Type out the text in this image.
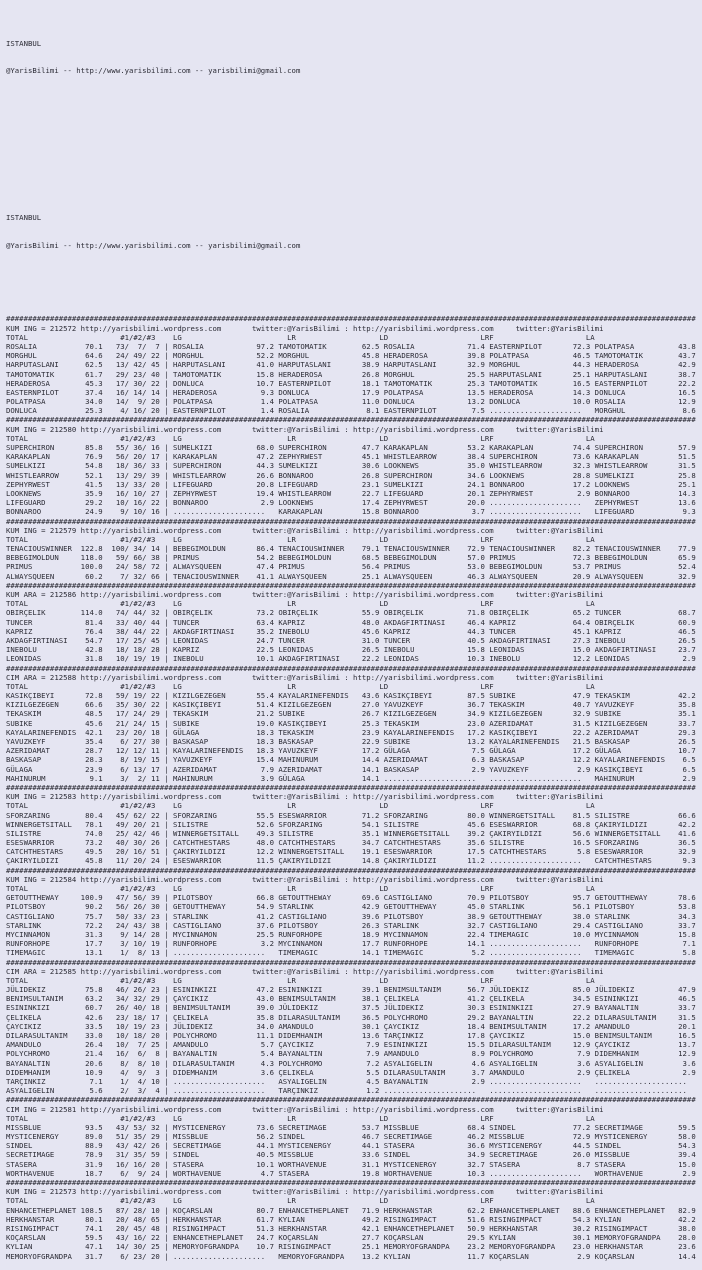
ISTANBUL

@YarisBilimi -- http://www.yarisbilimi.com -- yarisbilimi@gmail.com

ISTANBUL

@YarisBilimi -- http://www.yarisbilimi.com -- yarisbilimi@gmail.com

#############################################################################################################################################################
KUM ING = 212572 http://yarisbilimi.wordpress.com       twitter:@YarisBilimi : http://yarisbilimi.wordpress.com     twitter:@YarisBilimi
TOTAL                     #1/#2/#3    LG                        LR                   LD                     LRF                     LA
ROSALIA           70.1   73/  7/  7 | ROSALIA            97.2 TAMOTOMATIK        62.5 ROSALIA            71.4 EASTERNPILOT       72.3 POLATPASA          43.8
MORGHUL           64.6   24/ 49/ 22 | MORGHUL            52.2 MORGHUL            45.8 HERADEROSA         39.8 POLATPASA          46.5 TAMOTOMATIK        43.7
HARPUTASLANI      62.5   13/ 42/ 45 | HARPUTASLANI       41.0 HARPUTASLANI       38.9 HARPUTASLANI       32.9 MORGHUL            44.3 HERADEROSA         42.9
TAMOTOMATIK       61.7   29/ 23/ 40 | TAMOTOMATIK        15.8 HERADEROSA         26.8 MORGHUL            25.5 HARPUTASLANI       25.1 HARPUTASLANI       38.7
HERADEROSA        45.3   17/ 30/ 22 | DONLUCA            10.7 EASTERNPILOT       18.1 TAMOTOMATIK        25.3 TAMOTOMATIK        16.5 EASTERNPILOT       22.2
EASTERNPILOT      37.4   16/ 14/ 14 | HERADEROSA          9.3 DONLUCA            17.9 POLATPASA          13.5 HERADEROSA         14.3 DONLUCA            16.5
POLATPASA         34.0   14/  9/ 20 | POLATPASA           1.4 POLATPASA          11.0 DONLUCA            13.2 DONLUCA            10.0 ROSALIA            12.9
DONLUCA           25.3    4/ 16/ 20 | EASTERNPILOT        1.4 ROSALIA             8.1 EASTERNPILOT        7.5 .....................   MORGHUL             8.6
#############################################################################################################################################################
KUM ING = 212580 http://yarisbilimi.wordpress.com       twitter:@YarisBilimi : http://yarisbilimi.wordpress.com     twitter:@YarisBilimi
TOTAL                     #1/#2/#3    LG                        LR                   LD                     LRF                     LA
SUPERCHIRON       85.8   55/ 36/ 16 | SUMELKIZI          68.0 SUPERCHIRON        47.7 KARAKAPLAN         53.2 KARAKAPLAN         74.4 SUPERCHIRON        57.9
KARAKAPLAN        76.9   56/ 20/ 17 | KARAKAPLAN         47.2 ZEPHYRWEST         45.1 WHISTLEARROW       38.4 SUPERCHIRON        73.6 KARAKAPLAN         51.5
SUMELKIZI         54.8   18/ 36/ 33 | SUPERCHIRON        44.3 SUMELKIZI          30.6 LOOKNEWS           35.0 WHISTLEARROW       32.3 WHISTLEARROW       31.5
WHISTLEARROW      52.1   13/ 29/ 39 | WHISTLEARROW       26.6 BONNAROO           26.8 SUPERCHIRON        34.6 LOOKNEWS           28.8 SUMELKIZI          25.8
ZEPHYRWEST        41.5   13/ 33/ 20 | LIFEGUARD          20.8 LIFEGUARD          23.1 SUMELKIZI          24.1 BONNAROO           17.2 LOOKNEWS           25.1
LOOKNEWS          35.9   16/ 10/ 27 | ZEPHYRWEST         19.4 WHISTLEARROW       22.7 LIFEGUARD          20.1 ZEPHYRWEST          2.9 BONNAROO           14.3
LIFEGUARD         29.2   10/ 16/ 22 | BONNAROO            2.9 LOOKNEWS           17.4 ZEPHYRWEST         20.0 .....................   ZEPHYRWEST         13.6
BONNAROO          24.9    9/ 10/ 16 | .....................   KARAKAPLAN         15.8 BONNAROO            3.7 .....................   LIFEGUARD           9.3
#############################################################################################################################################################
KUM ING = 212579 http://yarisbilimi.wordpress.com       twitter:@YarisBilimi : http://yarisbilimi.wordpress.com     twitter:@YarisBilimi
TOTAL                     #1/#2/#3    LG                        LR                   LD                     LRF                     LA
TENACIOUSWINNER  122.8  100/ 34/ 14 | BEBEGIMOLDUN       86.4 TENACIOUSWINNER    79.1 TENACIOUSWINNER    72.9 TENACIOUSWINNER    82.2 TENACIOUSWINNER    77.9
BEBEGIMOLDUN     118.0   59/ 66/ 38 | PRIMUS             54.2 BEBEGIMOLDUN       68.5 BEBEGIMOLDUN       57.0 PRIMUS             72.3 BEBEGIMOLDUN       65.9
PRIMUS           100.0   24/ 58/ 72 | ALWAYSQUEEN        47.4 PRIMUS             56.4 PRIMUS             53.0 BEBEGIMOLDUN       53.7 PRIMUS             52.4
ALWAYSQUEEN       60.2    7/ 32/ 66 | TENACIOUSWINNER    41.1 ALWAYSQUEEN        25.1 ALWAYSQUEEN        46.3 ALWAYSQUEEN        20.9 ALWAYSQUEEN        32.9
#############################################################################################################################################################
KUM ARA = 212586 http://yarisbilimi.wordpress.com       twitter:@YarisBilimi : http://yarisbilimi.wordpress.com     twitter:@YarisBilimi
TOTAL                     #1/#2/#3    LG                        LR                   LD                     LRF                     LA
OBIRÇELIK        114.0   74/ 44/ 32 | OBIRÇELIK          73.2 OBIRÇELIK          55.9 OBIRÇELIK          71.8 OBIRÇELIK          65.2 TUNCER             68.7
TUNCER            81.4   33/ 40/ 44 | TUNCER             63.4 KAPRIZ             48.0 AKDAGFIRTINASI     46.4 KAPRIZ             64.4 OBIRÇELIK          60.9
KAPRIZ            76.4   38/ 44/ 22 | AKDAGFIRTINASI     35.2 INEBOLU            45.6 KAPRIZ             44.3 TUNCER             45.1 KAPRIZ             46.5
AKDAGFIRTINASI    54.7   17/ 25/ 45 | LEONIDAS           24.7 TUNCER             31.0 TUNCER             40.5 AKDAGFIRTINASI     27.3 INEBOLU            26.5
INEBOLU           42.8   18/ 18/ 28 | KAPRIZ             22.5 LEONIDAS           26.5 INEBOLU            15.8 LEONIDAS           15.0 AKDAGFIRTINASI     23.7
LEONIDAS          31.8   10/ 19/ 19 | INEBOLU            10.1 AKDAGFIRTINASI     22.2 LEONIDAS           10.3 INEBOLU            12.2 LEONIDAS            2.9
#############################################################################################################################################################
CIM ARA = 212588 http://yarisbilimi.wordpress.com       twitter:@YarisBilimi : http://yarisbilimi.wordpress.com     twitter:@YarisBilimi
TOTAL                     #1/#2/#3    LG                        LR                   LD                     LRF                     LA
KASIKÇIBEYI       72.8   59/ 19/ 22 | KIZILGEZEGEN       55.4 KAYALARINEFENDIS   43.6 KASIKÇIBEYI        87.5 SUBIKE             47.9 TEKASKIM           42.2
KIZILGEZEGEN      66.6   35/ 30/ 22 | KASIKÇIBEYI        51.4 KIZILGEZEGEN       27.0 YAVUZKEYF          36.7 TEKASKIM           40.7 YAVUZKEYF          35.8
TEKASKIM          48.5   17/ 24/ 29 | TEKASKIM           21.2 SUBIKE             26.7 KIZILGEZEGEN       34.9 KIZILGEZEGEN       32.9 SUBIKE             35.1
SUBIKE            45.6   21/ 24/ 15 | SUBIKE             19.0 KASIKÇIBEYI        25.3 TEKASKIM           23.0 AZERIDAMAT         31.5 KIZILGEZEGEN       33.7
KAYALARINEFENDIS  42.1   23/ 20/ 18 | GÜLAGA             18.3 TEKASKIM           23.9 KAYALARINEFENDIS   17.2 KASIKÇIBEYI        22.2 AZERIDAMAT         29.3
YAVUZKEYF         35.4    6/ 27/ 30 | BASKASAP           18.3 BASKASAP           22.9 SUBIKE             13.2 KAYALARINEFENDIS   21.5 BASKASAP           26.5
AZERIDAMAT        28.7   12/ 12/ 11 | KAYALARINEFENDIS   18.3 YAVUZKEYF          17.2 GÜLAGA              7.5 GÜLAGA             17.2 GÜLAGA             10.7
BASKASAP          28.3    8/ 19/ 15 | YAVUZKEYF          15.4 MAHINURUM          14.4 AZERIDAMAT          6.3 BASKASAP           12.2 KAYALARINEFENDIS    6.5
GÜLAGA            23.9    6/ 13/ 17 | AZERIDAMAT          7.9 AZERIDAMAT         14.1 BASKASAP            2.9 YAVUZKEYF           2.9 KASIKÇIBEYI         6.5
MAHINURUM          9.1    3/  2/ 11 | MAHINURUM           3.9 GÜLAGA             14.1 .....................   .....................   MAHINURUM           2.9
#############################################################################################################################################################
KUM ING = 212583 http://yarisbilimi.wordpress.com       twitter:@YarisBilimi : http://yarisbilimi.wordpress.com     twitter:@YarisBilimi
TOTAL                     #1/#2/#3    LG                        LR                   LD                     LRF                     LA
SFORZARING        80.4   45/ 62/ 22 | SFORZARING         55.5 ESESWARRIOR        71.2 SFORZARING         80.0 WINNERGETSITALL    81.5 SILISTRE           66.6
WINNERGETSITALL   78.1   49/ 20/ 21 | SILISTRE           52.6 SFORZARING         54.1 SILISTRE           45.6 ESESWARRIOR        68.8 ÇAKIRYILDIZI       42.2
SILISTRE          74.0   25/ 42/ 46 | WINNERGETSITALL    49.3 SILISTRE           35.1 WINNERGETSITALL    39.2 ÇAKIRYILDIZI       56.6 WINNERGETSITALL    41.6
ESESWARRIOR       73.2   40/ 30/ 26 | CATCHTHESTARS      48.0 CATCHTHESTARS      34.7 CATCHTHESTARS      35.6 SILISTRE           16.5 SFORZARING         36.5
CATCHTHESTARS     49.5   20/ 16/ 51 | ÇAKIRYILDIZI       12.2 WINNERGETSITALL    19.1 ESESWARRIOR        17.5 CATCHTHESTARS       5.8 ESESWARRIOR        32.9
ÇAKIRYILDIZI      45.8   11/ 20/ 24 | ESESWARRIOR        11.5 ÇAKIRYILDIZI       14.8 ÇAKIRYILDIZI       11.2 .....................   CATCHTHESTARS       9.3
#############################################################################################################################################################
KUM ING = 212584 http://yarisbilimi.wordpress.com       twitter:@YarisBilimi : http://yarisbilimi.wordpress.com     twitter:@YarisBilimi
TOTAL                     #1/#2/#3    LG                        LR                   LD                     LRF                     LA
GETOUTTHEWAY     100.9   47/ 56/ 39 | PILOTSBOY          66.8 GETOUTTHEWAY       69.6 CASTIGLIANO        70.9 PILOTSBOY          95.7 GETOUTTHEWAY       78.6
PILOTSBOY         90.2   56/ 26/ 30 | GETOUTTHEWAY       54.9 STARLINK           42.9 GETOUTTHEWAY       45.0 STARLINK           56.1 PILOTSBOY          53.8
CASTIGLIANO       75.7   50/ 33/ 23 | STARLINK           41.2 CASTIGLIANO        39.6 PILOTSBOY          38.9 GETOUTTHEWAY       38.0 STARLINK           34.3
STARLINK          72.2   24/ 43/ 38 | CASTIGLIANO        37.6 PILOTSBOY          26.3 STARLINK           32.7 CASTIGLIANO        29.4 CASTIGLIANO        33.7
MYCINNAMON        31.3    9/ 14/ 28 | MYCINNAMON         25.5 RUNFORHOPE         18.9 MYCINNAMON         22.4 TIMEMAGIC          10.0 MYCINNAMON         15.8
RUNFORHOPE        17.7    3/ 10/ 19 | RUNFORHOPE          3.2 MYCINNAMON         17.7 RUNFORHOPE         14.1 .....................   RUNFORHOPE          7.1
TIMEMAGIC         13.1    1/  8/ 13 | .....................   TIMEMAGIC          14.1 TIMEMAGIC           5.2 .....................   TIMEMAGIC           5.8
#############################################################################################################################################################
CIM ARA = 212585 http://yarisbilimi.wordpress.com       twitter:@YarisBilimi : http://yarisbilimi.wordpress.com     twitter:@YarisBilimi
TOTAL                     #1/#2/#3    LG                        LR                   LD                     LRF                     LA
JÜLIDEKIZ         75.8   46/ 26/ 23 | ESININKIZI         47.2 ESININKIZI         39.1 BENIMSULTANIM      56.7 JÜLIDEKIZ          85.0 JÜLIDEKIZ          47.9
BENIMSULTANIM     63.2   34/ 32/ 29 | ÇAYCIKIZ           43.0 BENIMSULTANIM      38.1 ÇELIKELA           41.2 ÇELIKELA           34.5 ESININKIZI         46.5
ESININKIZI        60.7   26/ 40/ 18 | BENIMSULTANIM      39.0 JÜLIDEKIZ          37.5 JÜLIDEKIZ          30.3 ESININKIZI         27.9 BAYANALTIN         33.7
ÇELIKELA          42.6   23/ 18/ 17 | ÇELIKELA           35.8 DILARASULTANIM     36.5 POLYCHROMO         29.2 BAYANALTIN         22.2 DILARASULTANIM     31.5
ÇAYCIKIZ          33.5   10/ 19/ 23 | JÜLIDEKIZ          34.0 AMANDULO           30.1 ÇAYCIKIZ           18.4 BENIMSULTANIM      17.2 AMANDULO           20.1
DILARASULTANIM    33.0   10/ 18/ 20 | POLYCHROMO         11.1 DIDEMHANIM         13.6 TARÇINKIZ          17.8 ÇAYCIKIZ           15.0 BENIMSULTANIM      16.5
AMANDULO          26.4   10/  7/ 25 | AMANDULO            5.7 ÇAYCIKIZ            7.9 ESININKIZI         15.5 DILARASULTANIM     12.9 ÇAYCIKIZ           13.7
POLYCHROMO        21.4   16/  6/  8 | BAYANALTIN          5.4 BAYANALTIN          7.9 AMANDULO            8.9 POLYCHROMO          7.9 DIDEMHANIM         12.9
BAYANALTIN        20.6    8/  8/ 10 | DILARASULTANIM      4.3 POLYCHROMO          7.2 ASYALIGELIN         4.6 ASYALIGELIN         3.6 ASYALIGELIN         3.6
DIDEMHANIM        10.9    4/  9/  3 | DIDEMHANIM          3.6 ÇELIKELA            5.5 DILARASULTANIM      3.7 AMANDULO            2.9 ÇELIKELA            2.9
TARÇINKIZ          7.1    1/  4/ 10 | .....................   ASYALIGELIN         4.5 BAYANALTIN          2.9 .....................   .....................
ASYALIGELIN        5.6    2/  3/  4 | .....................   TARÇINKIZ           1.2 .....................   .....................   .....................
#############################################################################################################################################################
CIM ING = 212581 http://yarisbilimi.wordpress.com       twitter:@YarisBilimi : http://yarisbilimi.wordpress.com     twitter:@YarisBilimi
TOTAL                     #1/#2/#3    LG                        LR                   LD                     LRF                     LA
MISSBLUE          93.5   43/ 53/ 32 | MYSTICENERGY       73.6 SECRETIMAGE        53.7 MISSBLUE           68.4 SINDEL             77.2 SECRETIMAGE        59.5
MYSTICENERGY      89.0   51/ 35/ 29 | MISSBLUE           56.2 SINDEL             46.7 SECRETIMAGE        46.2 MISSBLUE           72.9 MYSTICENERGY       58.0
SINDEL            88.9   43/ 42/ 26 | SECRETIMAGE        44.1 MYSTICENERGY       44.1 STASERA            36.6 MYSTICENERGY       44.5 SINDEL             54.3
SECRETIMAGE       78.9   31/ 35/ 59 | SINDEL             40.5 MISSBLUE           33.6 SINDEL             34.9 SECRETIMAGE        26.0 MISSBLUE           39.4
STASERA           31.9   16/ 16/ 20 | STASERA            10.1 WORTHAVENUE        31.1 MYSTICENERGY       32.7 STASERA             8.7 STASERA            15.0
WORTHAVENUE       18.7    6/  9/ 24 | WORTHAVENUE         4.7 STASERA            19.8 WORTHAVENUE        10.3 .....................   WORTHAVENUE         2.9
#############################################################################################################################################################
KUM ING = 212573 http://yarisbilimi.wordpress.com       twitter:@YarisBilimi : http://yarisbilimi.wordpress.com     twitter:@YarisBilimi
TOTAL                     #1/#2/#3    LG                        LR                   LD                     LRF                     LA
ENHANCETHEPLANET 108.5   87/ 28/ 10 | KOÇARSLAN          80.7 ENHANCETHEPLANET   71.9 HERKHANSTAR        62.2 ENHANCETHEPLANET   88.6 ENHANCETHEPLANET   82.9
HERKHANSTAR       80.1   20/ 48/ 65 | HERKHANSTAR        61.7 KYLIAN             49.2 RISINGIMPACT       51.6 RISINGIMPACT       54.3 KYLIAN             42.2
RISINGIMPACT      74.1   20/ 45/ 48 | RISINGIMPACT       51.3 HERKHANSTAR        42.1 ENHANCETHEPLANET   50.9 HERKHANSTAR        30.2 RISINGIMPACT       38.0
KOÇARSLAN         59.5   43/ 16/ 22 | ENHANCETHEPLANET   24.7 KOÇARSLAN          27.7 KOÇARSLAN          29.5 KYLIAN             30.1 MEMORYOFGRANDPA    28.0
KYLIAN            47.1   14/ 30/ 25 | MEMORYOFGRANDPA    10.7 RISINGIMPACT       25.1 MEMORYOFGRANDPA    23.2 MEMORYOFGRANDPA    23.0 HERKHANSTAR        23.6
MEMORYOFGRANDPA   31.7    6/ 23/ 20 | .....................   MEMORYOFGRANDPA    13.2 KYLIAN             11.7 KOÇARSLAN           2.9 KOÇARSLAN          14.4
